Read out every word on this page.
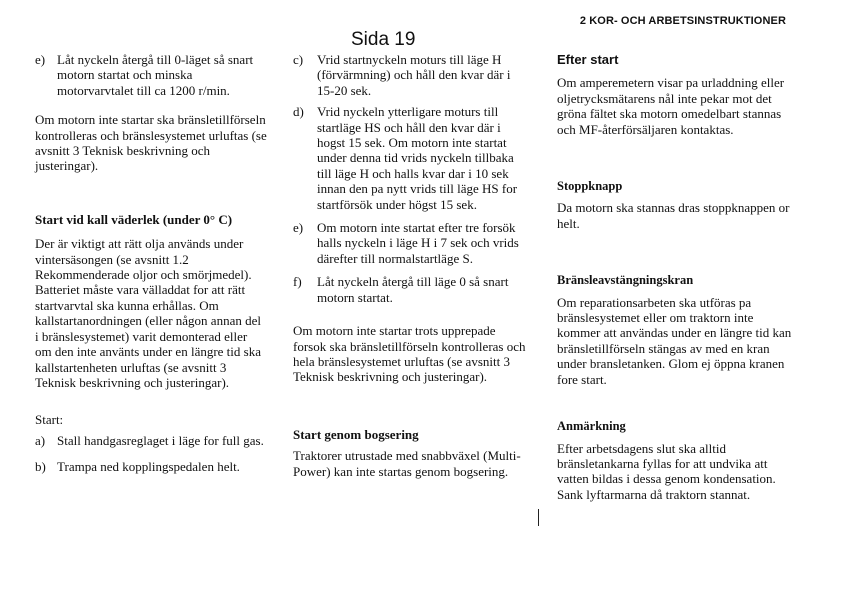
2 KOR- OCH ARBETSINSTRUKTIONER
Sida 19
e) Låt nyckeln återgå till 0-läget så snart motorn startat och minska motorvarvtalet till ca 1200 r/min.

Om motorn inte startar ska bränsletillförseln kontrolleras och bränslesystemet urluftas (se avsnitt 3 Teknisk beskrivning och justeringar).

Start vid kall väderlek (under 0° C)

Der är viktigt att rätt olja används under vintersäsongen (se avsnitt 1.2 Rekommenderade oljor och smörjmedel). Batteriet måste vara välladdat for att rätt startvarvtal ska kunna erhållas. Om kallstartanordningen (eller någon annan del i bränslesystemet) varit demonterad eller om den inte använts under en längre tid ska kallstartenheten urluftas (se avsnitt 3 Teknisk beskrivning och justeringar).

Start:

a) Stall handgasreglaget i läge for full gas.
b) Trampa ned kopplingspedalen helt.
c)	Vrid startnyckeln moturs till läge H (förvärmning) och håll den kvar där i 15-20 sek.
d)	Vrid nyckeln ytterligare moturs till startläge HS och håll den kvar där i hogst 15 sek. Om motorn inte startat under denna tid vrids nyckeln tillbaka till läge H och halls kvar dar i 10 sek innan den pa nytt vrids till läge HS for startförsök under högst 15 sek.
e)	Om motorn inte startat efter tre forsök halls nyckeln i läge H i 7 sek och vrids därefter till normalstartläge S.
f)	Låt nyckeln återgå till läge 0 så snart motorn startat.

Om motorn inte startar trots upprepade forsok ska bränsletillförseln kontrolleras och hela bränslesystemet urluftas (se avsnitt 3 Teknisk beskrivning och justeringar).

Start genom bogsering

Traktorer utrustade med snabbväxel (Multi-Power) kan inte startas genom bogsering.

Efter start

Om amperemetern visar pa urladdning eller oljetrycksmätarens nål inte pekar mot det gröna fältet ska motorn omedelbart stannas och MF-återförsäljaren kontaktas.

Stoppknapp

Da motorn ska stannas dras stoppknappen or helt.

Bränsleavstängningskran

Om reparationsarbeten ska utföras pa bränslesystemet eller om traktorn inte kommer att användas under en längre tid kan bränsletillförseln stängas av med en kran under bransletanken. Glom ej öppna kranen fore start.

Anmärkning

Efter arbetsdagens slut ska alltid bränsletankarna fyllas for att undvika att vatten bildas i dessa genom kondensation. Sank lyftarmarna då traktorn stannat.
